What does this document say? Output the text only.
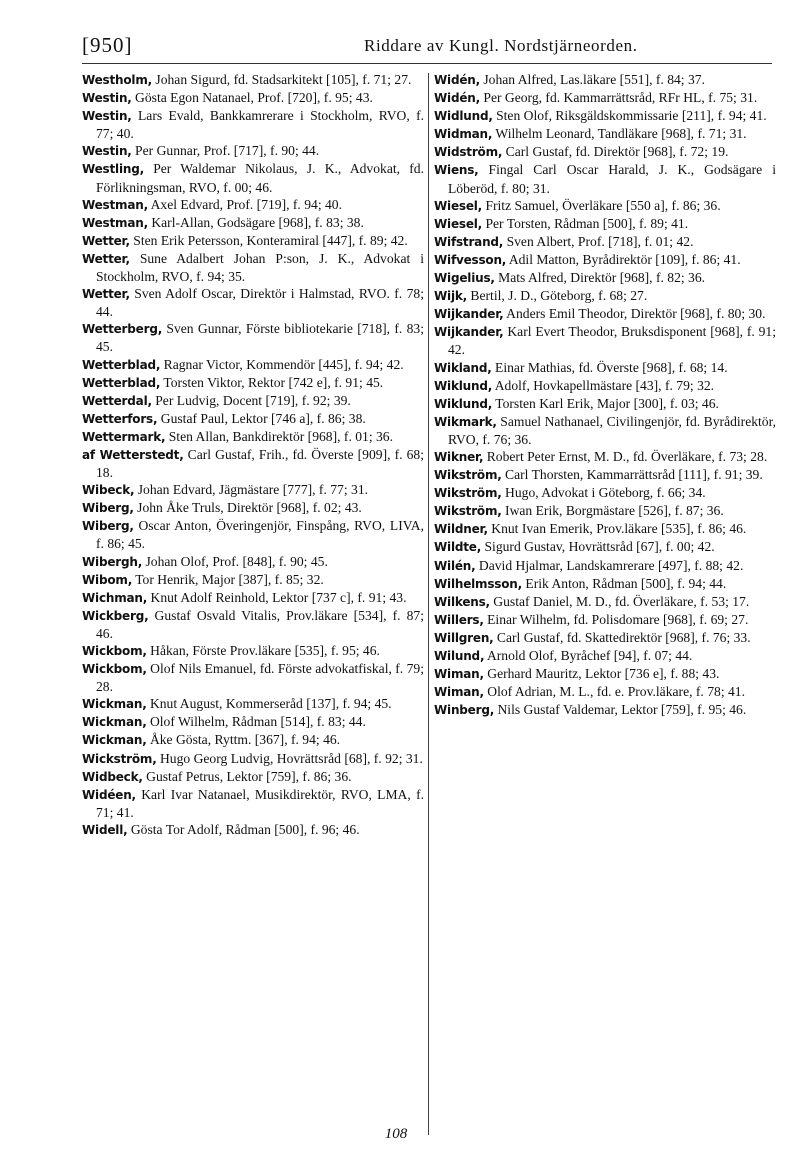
[950]	Riddare av Kungl. Nordstjärneorden.

Westholm, Johan Sigurd, fd. Stadsarkitekt [105], f. 71; 27.

Westin, Gösta Egon Natanael, Prof. [720], f. 95; 43.

Westin, Lars Evald, Bankkamrerare i Stockholm, RVO, f. 77; 40.

Westin, Per Gunnar, Prof. [717], f. 90; 44.

Westling, Per Waldemar Nikolaus, J. K., Advokat, fd. Förlikningsman, RVO, f. 00; 46.

Westman, Axel Edvard, Prof. [719], f. 94; 40.

Westman, Karl-Allan, Godsägare [968], f. 83; 38.

Wetter, Sten Erik Petersson, Konteramiral [447], f. 89; 42.

Wetter, Sune Adalbert Johan P:son, J. K., Advokat i Stockholm, RVO, f. 94; 35.

Wetter, Sven Adolf Oscar, Direktör i Halmstad, RVO. f. 78; 44.

Wetterberg, Sven Gunnar, Förste bibliotekarie [718], f. 83; 45.

Wetterblad, Ragnar Victor, Kommendör [445], f. 94; 42.

Wetterblad, Torsten Viktor, Rektor [742 e], f. 91; 45.

Wetterdal, Per Ludvig, Docent [719], f. 92; 39.

Wetterfors, Gustaf Paul, Lektor [746 a], f. 86; 38.

Wettermark, Sten Allan, Bankdirektör [968], f. 01; 36.

af Wetterstedt, Carl Gustaf, Frih., fd. Överste [909], f. 68; 18.

Wibeck, Johan Edvard, Jägmästare [777], f. 77; 31.

Wiberg, John Åke Truls, Direktör [968], f. 02; 43.

Wiberg, Oscar Anton, Överingenjör, Finspång, RVO, LIVA, f. 86; 45.

Wibergh, Johan Olof, Prof. [848], f. 90; 45.

Wibom, Tor Henrik, Major [387], f. 85; 32.

Wichman, Knut Adolf Reinhold, Lektor [737 c], f. 91; 43.

Wickberg, Gustaf Osvald Vitalis, Prov.läkare [534], f. 87; 46.

Wickbom, Håkan, Förste Prov.läkare [535], f. 95; 46.

Wickbom, Olof Nils Emanuel, fd. Förste advokatfiskal, f. 79; 28.

Wickman, Knut August, Kommerseråd [137], f. 94; 45.

Wickman, Olof Wilhelm, Rådman [514], f. 83; 44.

Wickman, Åke Gösta, Ryttm. [367], f. 94; 46.

Wickström, Hugo Georg Ludvig, Hovrättsråd [68], f. 92; 31.

Widbeck, Gustaf Petrus, Lektor [759], f. 86; 36.

Widéen, Karl Ivar Natanael, Musikdirektör, RVO, LMA, f. 71; 41.

Widell, Gösta Tor Adolf, Rådman [500], f. 96; 46.

Widén, Johan Alfred, Las.läkare [551], f. 84; 37.

Widén, Per Georg, fd. Kammarrättsråd, RFr HL, f. 75; 31.

Widlund, Sten Olof, Riksgäldskommissarie [211], f. 94; 41.

Widman, Wilhelm Leonard, Tandläkare [968], f. 71; 31.

Widström, Carl Gustaf, fd. Direktör [968], f. 72; 19.

Wiens, Fingal Carl Oscar Harald, J. K., Godsägare i Löberöd, f. 80; 31.

Wiesel, Fritz Samuel, Överläkare [550 a], f. 86; 36.

Wiesel, Per Torsten, Rådman [500], f. 89; 41.

Wifstrand, Sven Albert, Prof. [718], f. 01; 42.

Wifvesson, Adil Matton, Byrådirektör [109], f. 86; 41.

Wigelius, Mats Alfred, Direktör [968], f. 82; 36.

Wijk, Bertil, J. D., Göteborg, f. 68; 27.

Wijkander, Anders Emil Theodor, Direktör [968], f. 80; 30.

Wijkander, Karl Evert Theodor, Bruksdisponent [968], f. 91; 42.

Wikland, Einar Mathias, fd. Överste [968], f. 68; 14.

Wiklund, Adolf, Hovkapellmästare [43], f. 79; 32.

Wiklund, Torsten Karl Erik, Major [300], f. 03; 46.

Wikmark, Samuel Nathanael, Civilingenjör, fd. Byrådirektör, RVO, f. 76; 36.

Wikner, Robert Peter Ernst, M. D., fd. Överläkare, f. 73; 28.

Wikström, Carl Thorsten, Kammarrättsråd [111], f. 91; 39.

Wikström, Hugo, Advokat i Göteborg, f. 66; 34.

Wikström, Iwan Erik, Borgmästare [526], f. 87; 36.

Wildner, Knut Ivan Emerik, Prov.läkare [535], f. 86; 46.

Wildte, Sigurd Gustav, Hovrättsråd [67], f. 00; 42.

Wilén, David Hjalmar, Landskamrerare [497], f. 88; 42.

Wilhelmsson, Erik Anton, Rådman [500], f. 94; 44.

Wilkens, Gustaf Daniel, M. D., fd. Överläkare, f. 53; 17.

Willers, Einar Wilhelm, fd. Polisdomare [968], f. 69; 27.

Willgren, Carl Gustaf, fd. Skattedirektör [968], f. 76; 33.

Wilund, Arnold Olof, Byråchef [94], f. 07; 44.

Wiman, Gerhard Mauritz, Lektor [736 e], f. 88; 43.

Wiman, Olof Adrian, M. L., fd. e. Prov.läkare, f. 78; 41.

Winberg, Nils Gustaf Valdemar, Lektor [759], f. 95; 46.

108
